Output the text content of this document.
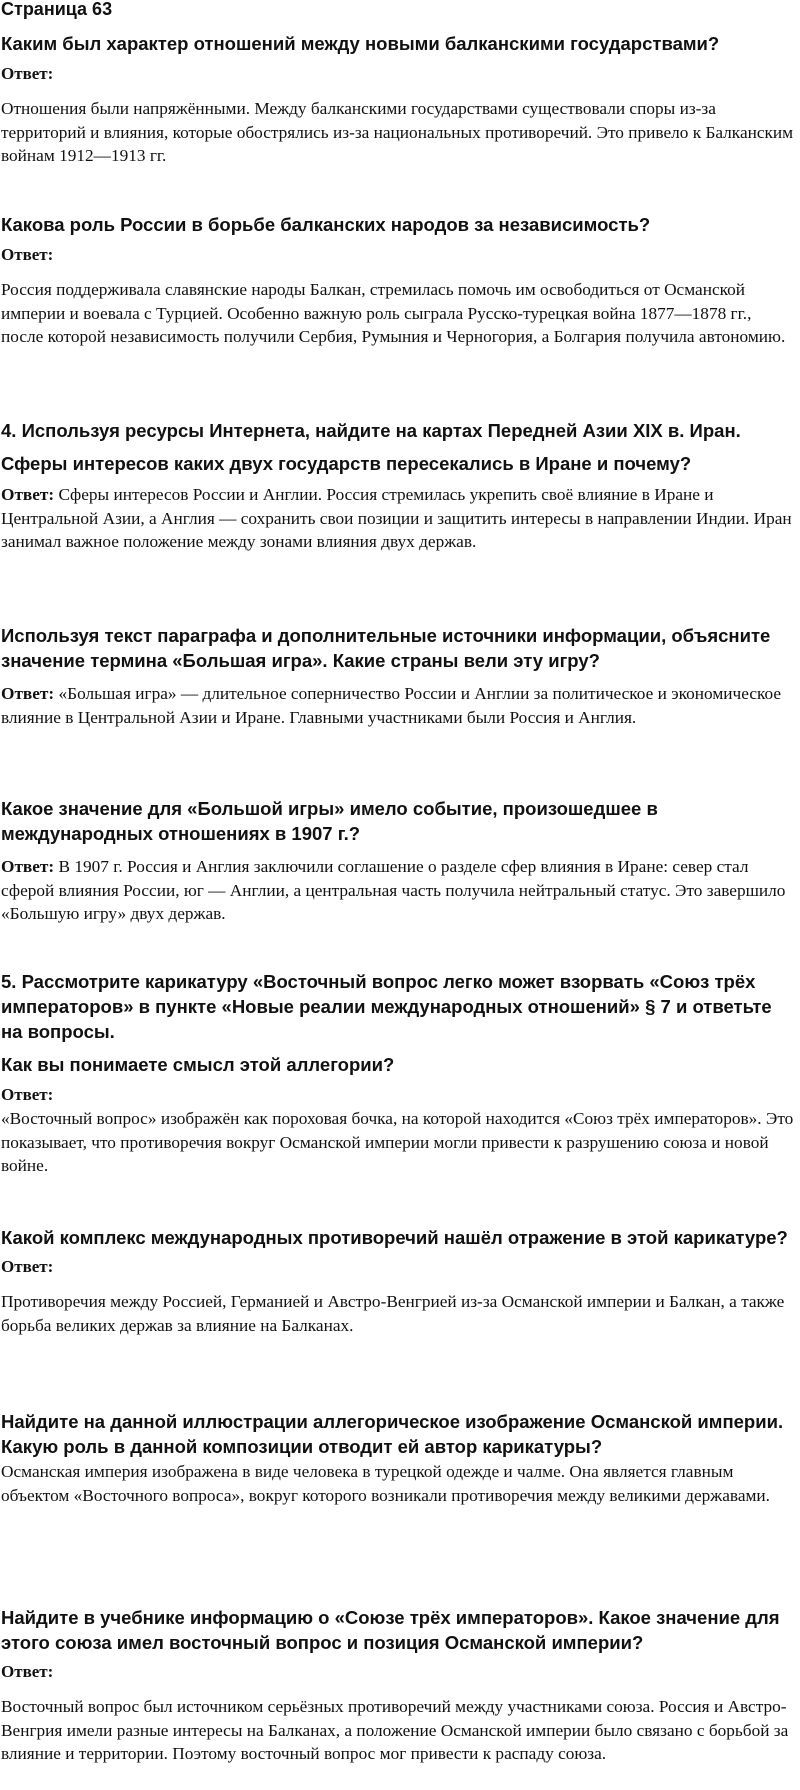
Страница 63

Каким был характер отношений между новыми балканскими государствами?

Ответ:

Отношения были напряжёнными. Между балканскими государствами существовали споры из-за территорий и влияния, которые обострялись из-за национальных противоречий. Это привело к Балканским войнам 1912—1913 гг.

Какова роль России в борьбе балканских народов за независимость?

Ответ:

Россия поддерживала славянские народы Балкан, стремилась помочь им освободиться от Османской империи и воевала с Турцией. Особенно важную роль сыграла Русско-турецкая война 1877—1878 гг., после которой независимость получили Сербия, Румыния и Черногория, а Болгария получила автономию.

4. Используя ресурсы Интернета, найдите на картах Передней Азии XIX в. Иран.

Сферы интересов каких двух государств пересекались в Иране и почему?

Ответ: Сферы интересов России и Англии. Россия стремилась укрепить своё влияние в Иране и Центральной Азии, а Англия — сохранить свои позиции и защитить интересы в направлении Индии. Иран занимал важное положение между зонами влияния двух держав.

Используя текст параграфа и дополнительные источники информации, объясните значение термина «Большая игра». Какие страны вели эту игру?

Ответ: «Большая игра» — длительное соперничество России и Англии за политическое и экономическое влияние в Центральной Азии и Иране. Главными участниками были Россия и Англия.

Какое значение для «Большой игры» имело событие, произошедшее в международных отношениях в 1907 г.?

Ответ: В 1907 г. Россия и Англия заключили соглашение о разделе сфер влияния в Иране: север стал сферой влияния России, юг — Англии, а центральная часть получила нейтральный статус. Это завершило «Большую игру» двух держав.

5. Рассмотрите карикатуру «Восточный вопрос легко может взорвать «Союз трёх императоров» в пункте «Новые реалии международных отношений» § 7 и ответьте на вопросы.

Как вы понимаете смысл этой аллегории?

Ответ:

«Восточный вопрос» изображён как пороховая бочка, на которой находится «Союз трёх императоров». Это показывает, что противоречия вокруг Османской империи могли привести к разрушению союза и новой войне.

Какой комплекс международных противоречий нашёл отражение в этой карикатуре?

Ответ:

Противоречия между Россией, Германией и Австро-Венгрией из-за Османской империи и Балкан, а также борьба великих держав за влияние на Балканах.

Найдите на данной иллюстрации аллегорическое изображение Османской империи. Какую роль в данной композиции отводит ей автор карикатуры?

Османская империя изображена в виде человека в турецкой одежде и чалме. Она является главным объектом «Восточного вопроса», вокруг которого возникали противоречия между великими державами.

Найдите в учебнике информацию о «Союзе трёх императоров». Какое значение для этого союза имел восточный вопрос и позиция Османской империи?

Ответ:

Восточный вопрос был источником серьёзных противоречий между участниками союза. Россия и Австро-Венгрия имели разные интересы на Балканах, а положение Османской империи было связано с борьбой за влияние и территории. Поэтому восточный вопрос мог привести к распаду союза.
